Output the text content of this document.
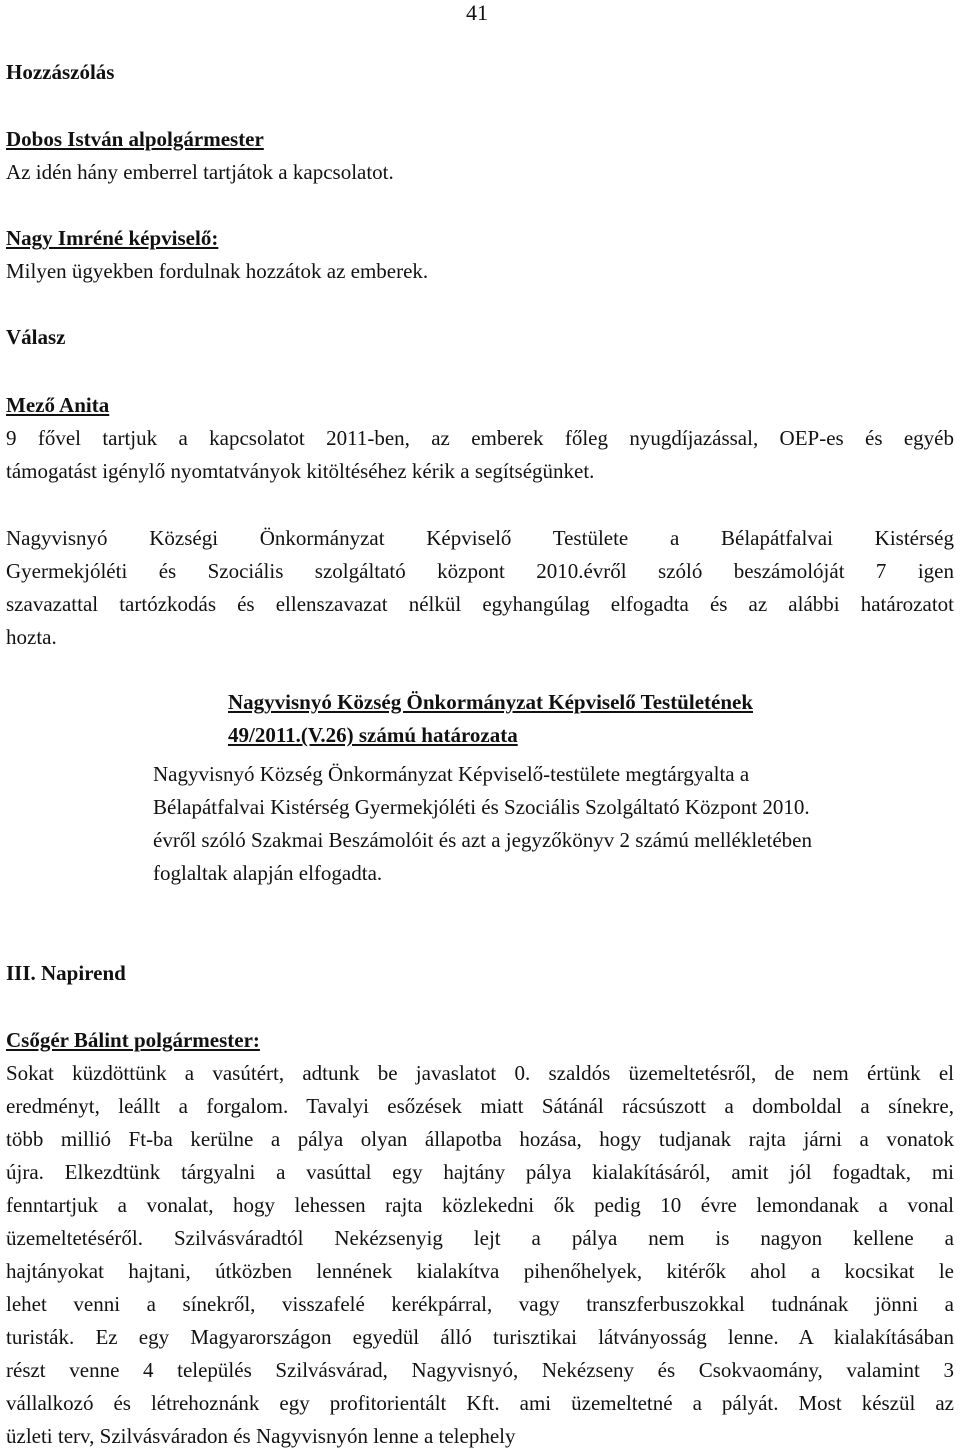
41
Hozzászólás
Dobos István alpolgármester
Az idén hány emberrel tartjátok a kapcsolatot.
Nagy Imréné képviselő:
Milyen ügyekben fordulnak hozzátok az emberek.
Válasz
Mező Anita
9 fővel tartjuk a kapcsolatot 2011-ben, az emberek főleg nyugdíjazással, OEP-es és egyéb
támogatást igénylő nyomtatványok kitöltéséhez kérik a segítségünket.
Nagyvisnyó Községi Önkormányzat Képviselő Testülete a Bélapátfalvai Kistérség
Gyermekjóléti és Szociális szolgáltató központ 2010.évről szóló beszámolóját 7 igen
szavazattal tartózkodás és ellenszavazat nélkül egyhangúlag elfogadta és az alábbi határozatot
hozta.
Nagyvisnyó Község Önkormányzat Képviselő Testületének
49/2011.(V.26) számú határozata
Nagyvisnyó Község Önkormányzat Képviselő-testülete megtárgyalta a
Bélapátfalvai Kistérség Gyermekjóléti és Szociális Szolgáltató Központ 2010.
évről szóló Szakmai Beszámolóit és azt a jegyzőkönyv 2 számú mellékletében
foglaltak alapján elfogadta.
III. Napirend
Csőgér Bálint polgármester:
Sokat küzdöttünk a vasútért, adtunk be javaslatot 0. szaldós üzemeltetésről, de nem értünk el
eredményt, leállt a forgalom. Tavalyi esőzések miatt Sátánál rácsúszott a domboldal a sínekre,
több millió Ft-ba kerülne a pálya olyan állapotba hozása, hogy tudjanak rajta járni a vonatok
újra. Elkezdtünk tárgyalni a vasúttal egy hajtány pálya kialakításáról, amit jól fogadtak, mi
fenntartjuk a vonalat, hogy lehessen rajta közlekedni ők pedig 10 évre lemondanak a vonal
üzemeltetéséről. Szilvásváradtól Nekézsenyig lejt a pálya nem is nagyon kellene a
hajtányokat hajtani, útközben lennének kialakítva pihenőhelyek, kitérők ahol a kocsikat le
lehet venni a sínekről, visszafelé kerékpárral, vagy transzferbuszokkal tudnának jönni a
turisták. Ez egy Magyarországon egyedül álló turisztikai látványosság lenne. A kialakításában
részt venne 4 település Szilvásvárad, Nagyvisnyó, Nekézseny és Csokvaomány, valamint 3
vállalkozó és létrehoznánk egy profitorientált Kft. ami üzemeltetné a pályát. Most készül az
üzleti terv, Szilvásváradon és Nagyvisnyón lenne a telephely
